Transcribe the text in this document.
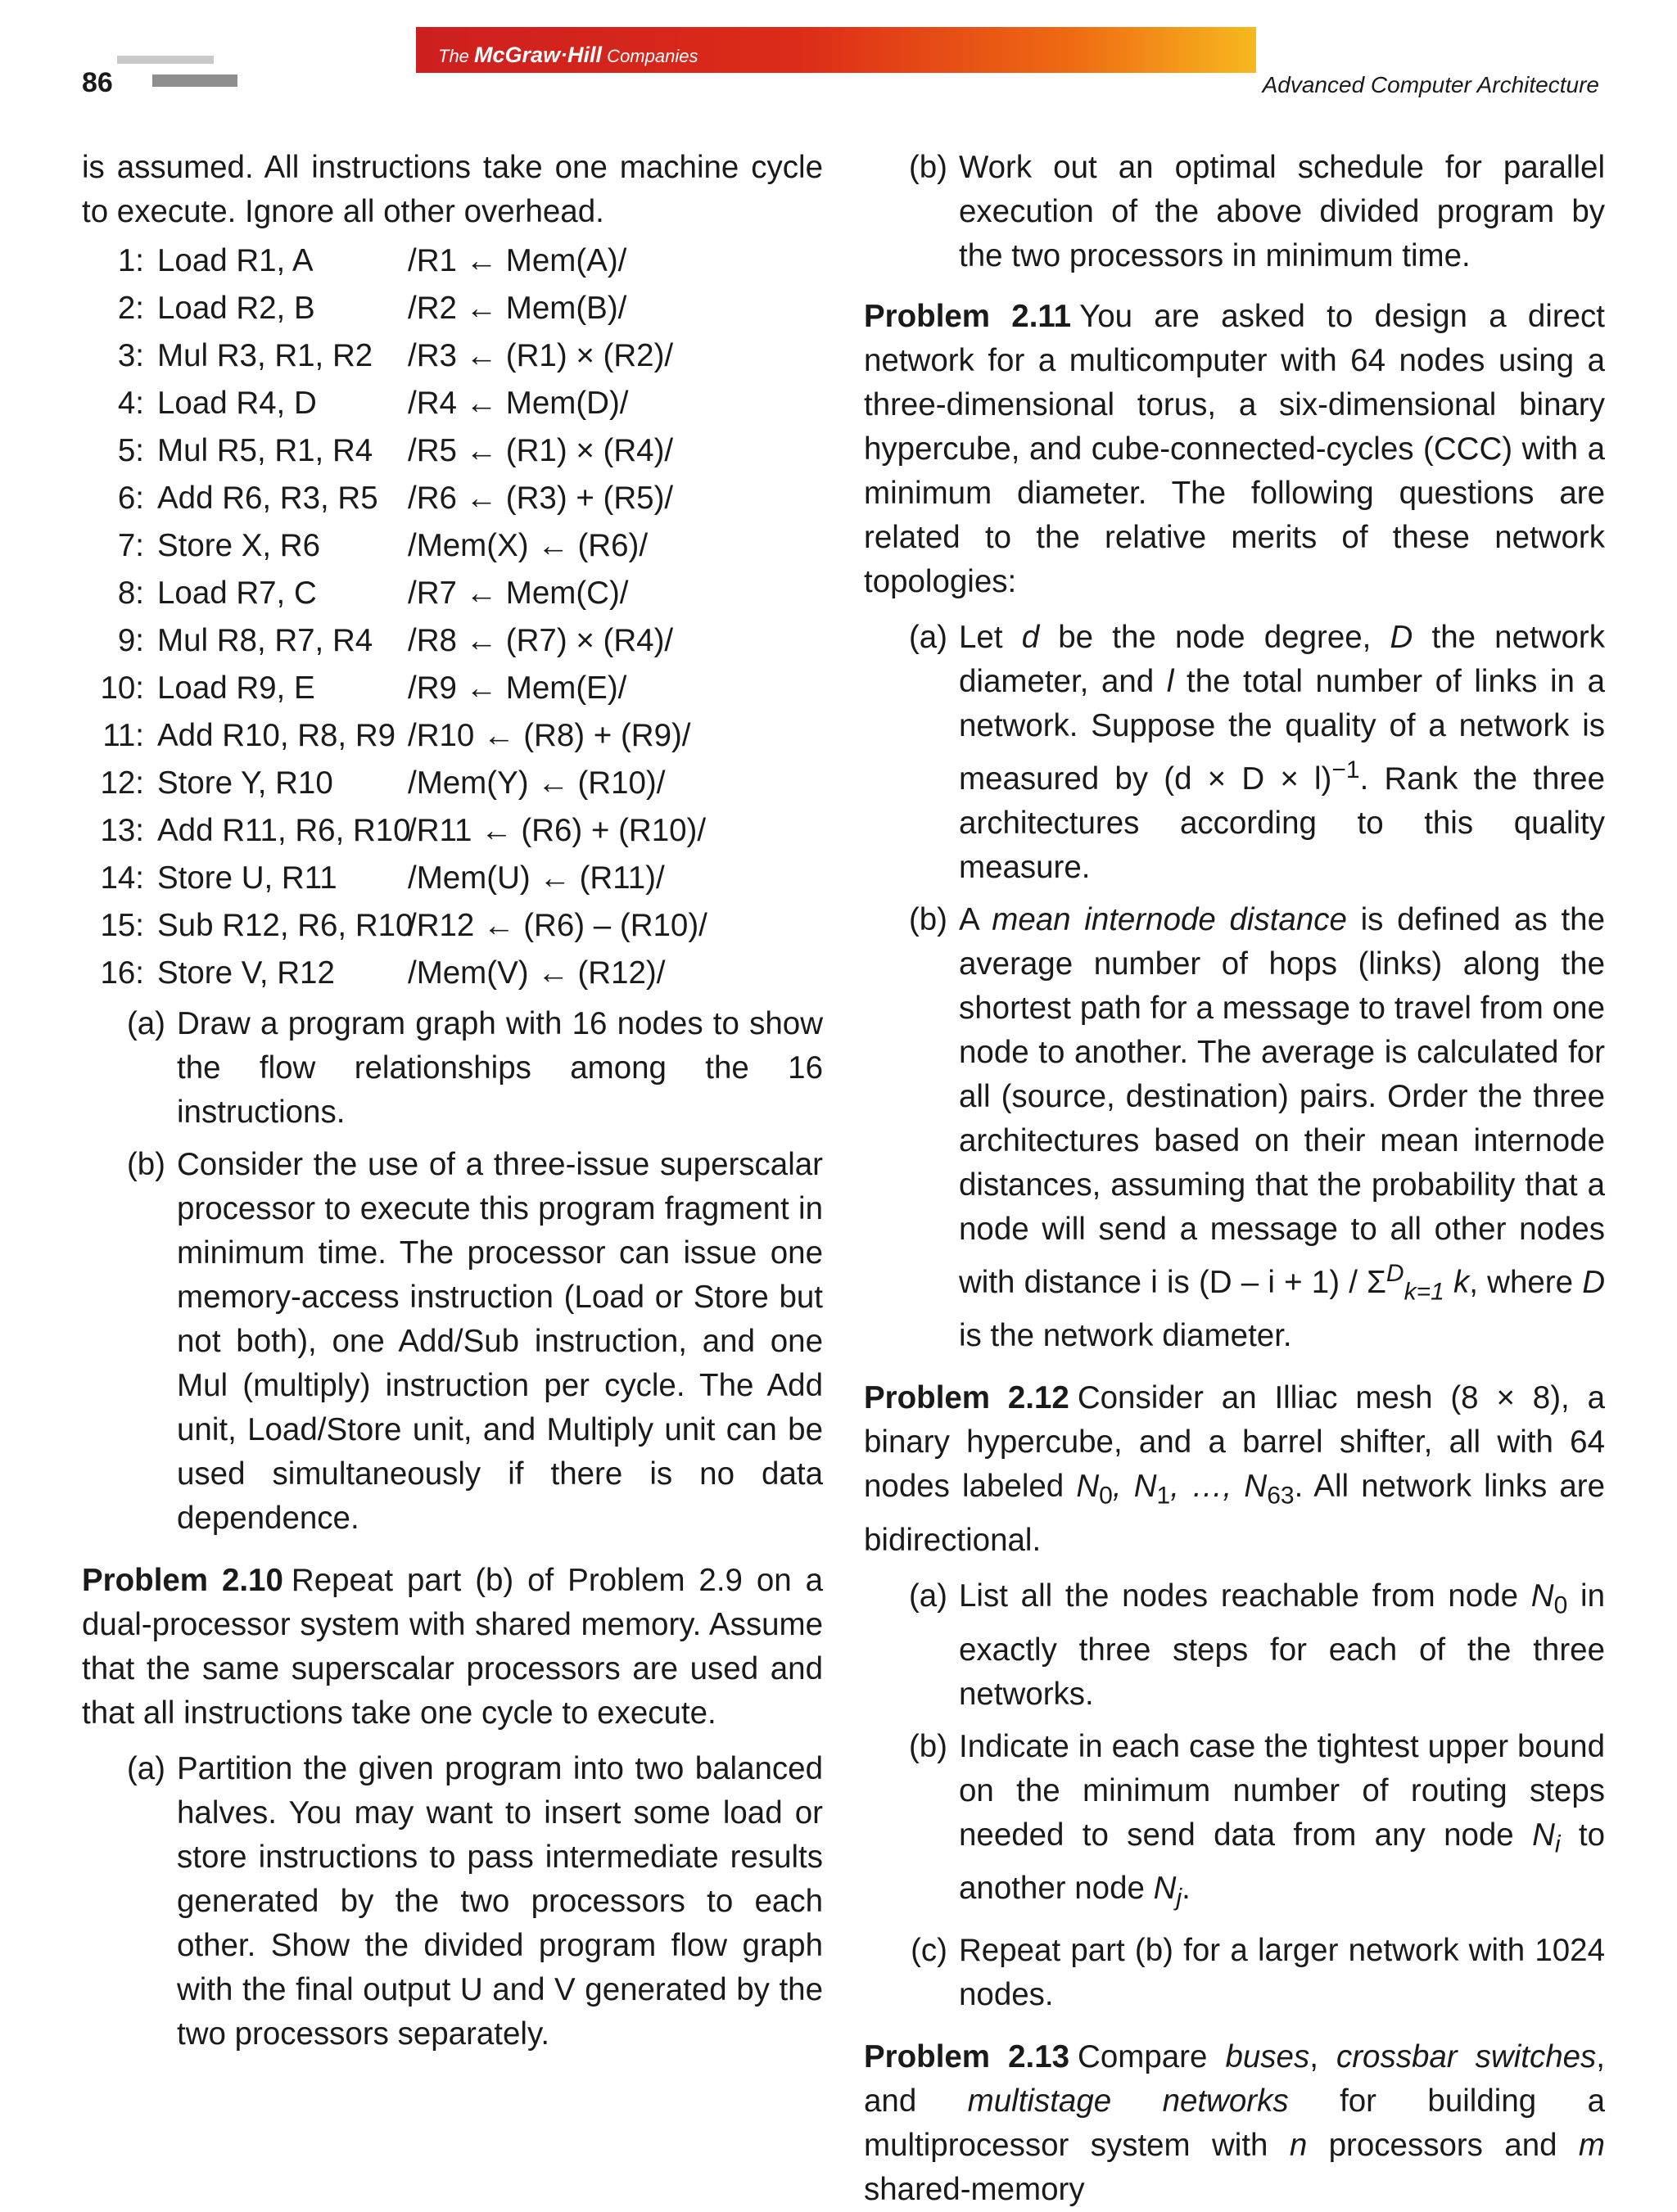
86
The McGraw·Hill Companies
Advanced Computer Architecture

is assumed. All instructions take one machine cycle to execute. Ignore all other overhead.

1: Load R1, A	/R1 ← Mem(A)/
2: Load R2, B	/R2 ← Mem(B)/
3: Mul R3, R1, R2	/R3 ← (R1) × (R2)/
4: Load R4, D	/R4 ← Mem(D)/
5: Mul R5, R1, R4	/R5 ← (R1) × (R4)/
6: Add R6, R3, R5 /R6 ← (R3) + (R5)/
7: Store X, R6	/Mem(X) ← (R6)/
8: Load R7, C	/R7 ← Mem(C)/
9: Mul R8, R7, R4	/R8 ← (R7) × (R4)/
10: Load R9, E	/R9 ← Mem(E)/
11: Add R10, R8, R9 /R10 ← (R8) + (R9)/
12: Store Y, R10	/Mem(Y) ← (R10)/
13: Add R11, R6, R10
/R11 ← (R6) + (R10)/
14: Store U, R11	/Mem(U) ← (R11)/
15: Sub R12, R6, R10
/R12 ← (R6) – (R10)/
16: Store V, R12	/Mem(V) ← (R12)/
(a) Draw a program graph with 16 nodes to show the flow relationships among the 16 instructions.
(b) Consider the use of a three-issue superscalar processor to execute this program fragment in minimum time. The processor can issue one memory-access instruction (Load or Store but not both), one Add/Sub instruction, and one Mul (multiply) instruction per cycle. The Add unit, Load/Store unit, and Multiply unit can be used simultaneously if there is no data dependence.

Problem 2.10 Repeat part (b) of Problem 2.9 on a dual-processor system with shared memory. Assume that the same superscalar processors are used and that all instructions take one cycle to execute.

(a) Partition the given program into two balanced halves. You may want to insert some load or store instructions to pass intermediate results generated by the two processors to each other. Show the divided program flow graph with the final output U and V generated by the two processors separately.
(b) Work out an optimal schedule for parallel execution of the above divided program by the two processors in minimum time.

Problem 2.11 You are asked to design a direct network for a multicomputer with 64 nodes using a three-dimensional torus, a six-dimensional binary hypercube, and cube-connected-cycles (CCC) with a minimum diameter. The following questions are related to the relative merits of these network topologies:

(a) Let d be the node degree, D the network diameter, and l the total number of links in a network. Suppose the quality of a network is measured by $(d \times D \times l)^{-1}$. Rank the three architectures according to this quality measure.
(b) A mean internode distance is defined as the average number of hops (links) along the shortest path for a message to travel from one node to another. The average is calculated for all (source, destination) pairs. Order the three architectures based on their mean internode distances, assuming that the probability that a node will send a message to all other nodes with distance i is $(D - i + 1) / \Sigma^D_{k=1}$ k, where D is the network diameter.

Problem 2.12 Consider an Illiac mesh (8 × 8), a binary hypercube, and a barrel shifter, all with 64 nodes labeled $N_0$, $N_1$, …, $N_{63}$. All network links are bidirectional.

(a) List all the nodes reachable from node $N_0$ in exactly three steps for each of the three networks.
(b) Indicate in each case the tightest upper bound on the minimum number of routing steps needed to send data from any node $N_i$ to another node $N_j$.
(c) Repeat part (b) for a larger network with 1024 nodes.

Problem 2.13 Compare buses, crossbar switches, and multistage networks for building a multiprocessor system with n processors and m shared-memory
